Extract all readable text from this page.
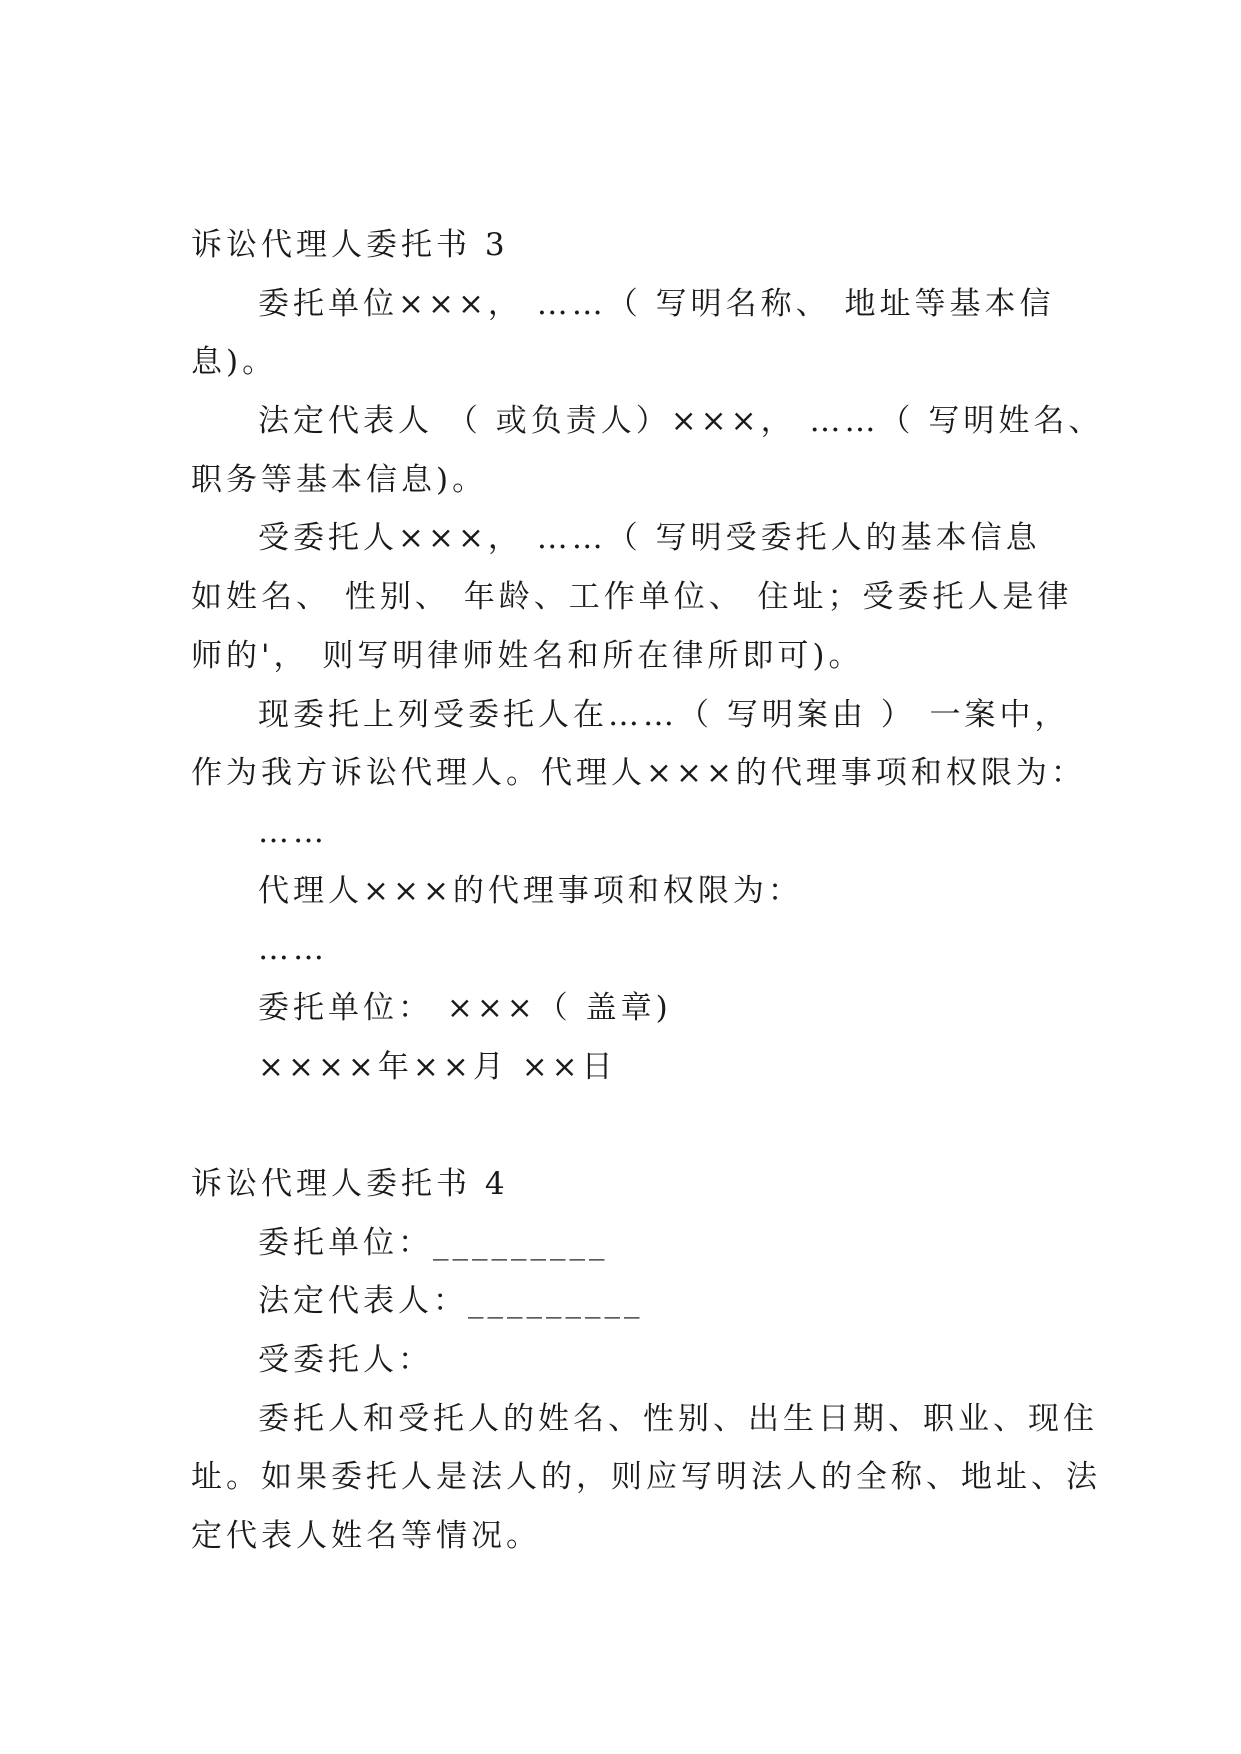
诉讼代理人委托书 3
委托单位×××， ……（ 写明名称、 地址等基本信
息)。
法定代表人 （ 或负责人）×××， ……（ 写明姓名、
职务等基本信息)。
受委托人×××， ……（ 写明受委托人的基本信息
如姓名、 性别、 年龄、工作单位、 住址；受委托人是律
师的'， 则写明律师姓名和所在律所即可)。
现委托上列受委托人在……（ 写明案由 ） 一案中，
作为我方诉讼代理人。代理人×××的代理事项和权限为：
……
代理人×××的代理事项和权限为：
……
委托单位： ×××（ 盖章)
××××年××月 ××日
诉讼代理人委托书 4
委托单位：_________
法定代表人：_________
受委托人：
委托人和受托人的姓名、性别、出生日期、职业、现住
址。如果委托人是法人的，则应写明法人的全称、地址、法
定代表人姓名等情况。
